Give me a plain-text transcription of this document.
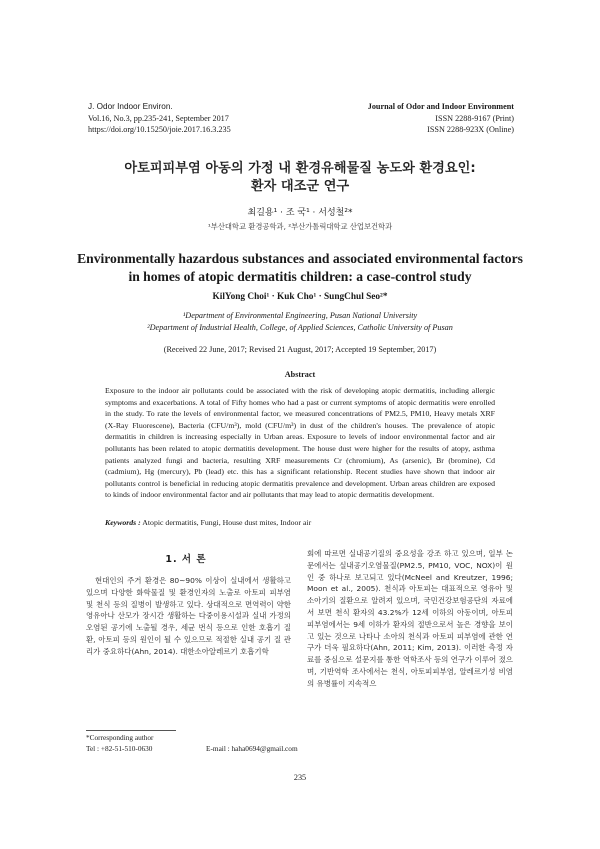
J. Odor Indoor Environ.
Vol.16, No.3, pp.235-241, September 2017
https://doi.org/10.15250/joie.2017.16.3.235
Journal of Odor and Indoor Environment
ISSN 2288-9167 (Print)
ISSN 2288-923X (Online)
아토피피부염 아동의 가정 내 환경유해물질 농도와 환경요인:
환자 대조군 연구
최길용¹ · 조 국¹ · 서성철²*
¹부산대학교 환경공학과, ²부산가톨릭대학교 산업보건학과
Environmentally hazardous substances and associated environmental factors
in homes of atopic dermatitis children: a case-control study
KilYong Choi¹ · Kuk Cho¹ · SungChul Seo²*
¹Department of Environmental Engineering, Pusan National University
²Department of Industrial Health, College, of Applied Sciences, Catholic University of Pusan
(Received 22 June, 2017; Revised 21 August, 2017; Accepted 19 September, 2017)
Abstract
Exposure to the indoor air pollutants could be associated with the risk of developing atopic dermatitis, including allergic symptoms and exacerbations. A total of Fifty homes who had a past or current symptoms of atopic dermatitis were enrolled in the study. To rate the levels of environmental factor, we measured concentrations of PM2.5, PM10, Heavy metals XRF (X-Ray Fluorescene), Bacteria (CFU/m³), mold (CFU/m³) in dust of the children's houses. The prevalence of atopic dermatitis in children is increasing especially in Urban areas. Exposure to levels of indoor environmental factor and air pollutants has been related to atopic dermatitis development. The house dust were higher for the results of atopy, asthma patients analyzed fungi and bacteria, resulting XRF measurements Cr (chromium), As (arsenic), Br (bromine), Cd (cadmium), Hg (mercury), Pb (lead) etc. this has a significant relationship. Recent studies have shown that indoor air pollutants control is beneficial in reducing atopic dermatitis prevalence and development. Urban areas children are exposed to kinds of indoor environmental factor and air pollutants that may lead to atopic dermatitis development.
Keywords : Atopic dermatitis, Fungi, House dust mites, Indoor air
1. 서 론
현대인의 주거 환경은 80~90% 이상이 실내에서 생활하고 있으며 다양한 화학물질 및 환경인자의 노출로 아토피 피부염 및 천식 등의 질병이 발생하고 있다. 상대적으로 면역력이 약한 영유아나 산모가 장시간 생활하는 다중이용시설과 실내 가정의 오염된 공기에 노출될 경우, 세균 번식 등으로 인한 호흡기 질환, 아토피 등의 원인이 될 수 있으므로 적절한 실내 공기 질 관리가 중요하다(Ahn, 2014). 대한소아알레르기 호흡기학
회에 따르면 실내공기질의 중요성을 강조 하고 있으며, 일부 논문에서는 실내공기오염물질(PM2.5, PM10, VOC, NOX)이 원인 중 하나로 보고되고 있다(McNeel and Kreutzer, 1996; Moon et al., 2005). 천식과 아토피는 대표적으로 영유아 및 소아기의 질환으로 알려져 있으며, 국민건강보험공단의 자료에서 보면 천식 환자의 43.2%가 12세 이하의 아동이며, 아토피 피부염에서는 9세 이하가 환자의 절반으로서 높은 경향을 보이고 있는 것으로 나타나 소아의 천식과 아토피 피부염에 관한 연구가 더욱 필요하다(Ahn, 2011; Kim, 2013). 이러한 측정 자료를 중심으로 설문지를 통한 역학조사 등의 연구가 이루어 졌으며, 기반역학 조사에서는 천식, 아토피피부염, 알레르기성 비염의 유병률이 지속적으
*Corresponding author
Tel : +82-51-510-0630	E-mail : haha0694@gmail.com
235
